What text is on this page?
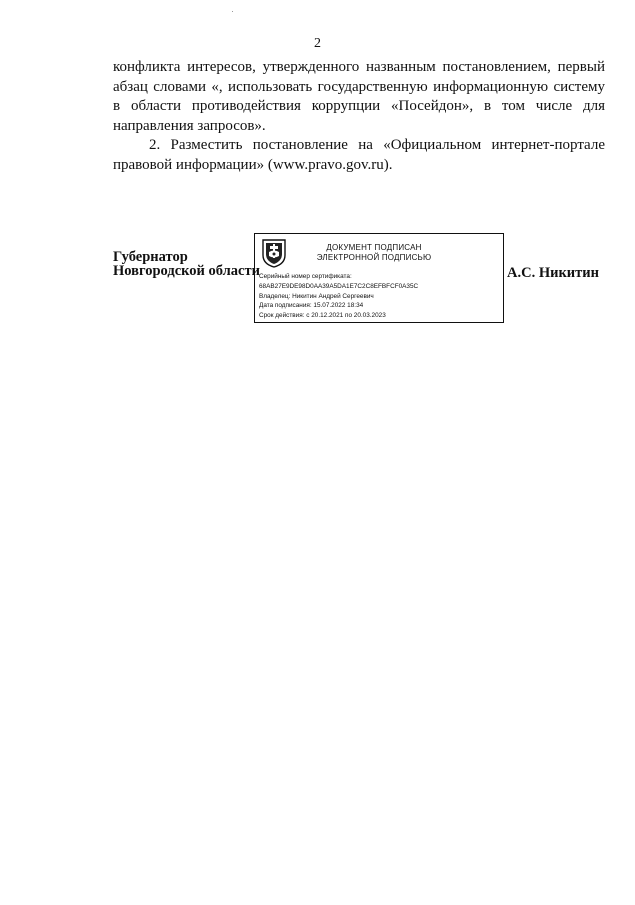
2

конфликта интересов, утвержденного названным постановлением, первый абзац словами «, использовать государственную информационную систему в области противодействия коррупции «Посейдон», в том числе для направления запросов».

2. Разместить постановление на «Официальном интернет-портале правовой информации» (www.pravo.gov.ru).

Губернатор
Новгородской области
ДОКУМЕНТ ПОДПИСАН
ЭЛЕКТРОННОЙ ПОДПИСЬЮ
Серийный номер сертификата:
68AB27E9DE98D0AA39A5DA1E7C2C8EFBFCF0A35C
Владелец: Никитин Андрей Сергеевич
Дата подписания: 15.07.2022 18:34
Срок действия: с 20.12.2021 по 20.03.2023
А.С. Никитин
